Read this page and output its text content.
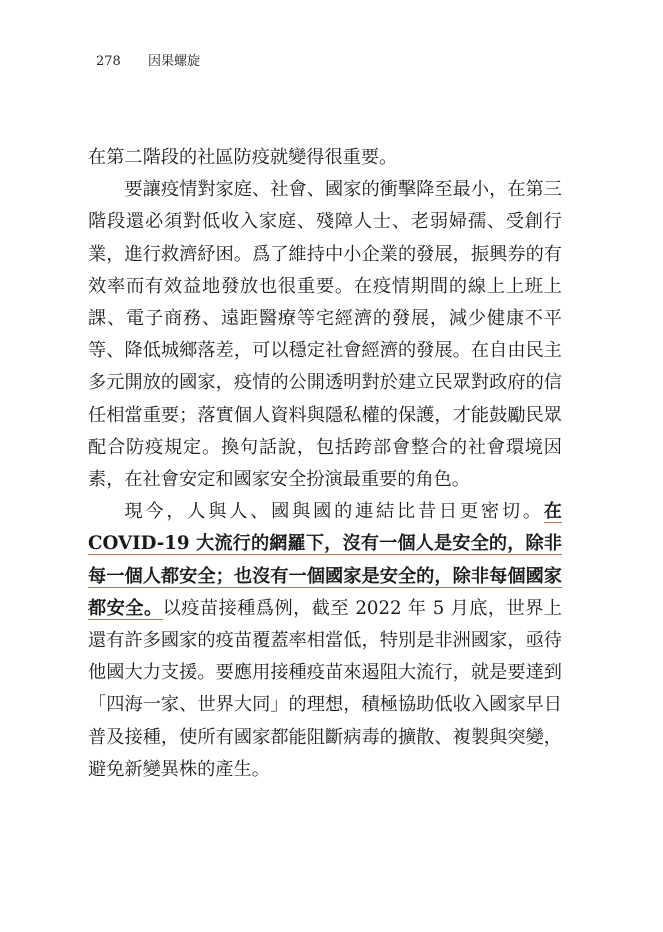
278 因果螺旋

在第二階段的社區防疫就變得很重要。

要讓疫情對家庭、社會、國家的衝擊降至最小，在第三階段還必須對低收入家庭、殘障人士、老弱婦孺、受創行業，進行救濟紓困。爲了維持中小企業的發展，振興券的有效率而有效益地發放也很重要。在疫情期間的線上上班上課、電子商務、遠距醫療等宅經濟的發展，減少健康不平等、降低城鄉落差，可以穩定社會經濟的發展。在自由民主多元開放的國家，疫情的公開透明對於建立民眾對政府的信任相當重要；落實個人資料與隱私權的保護，才能鼓勵民眾配合防疫規定。換句話說，包括跨部會整合的社會環境因素，在社會安定和國家安全扮演最重要的角色。

現今，人與人、國與國的連結比昔日更密切。在 COVID-19 大流行的網羅下，沒有一個人是安全的，除非每一個人都安全；也沒有一個國家是安全的，除非每個國家都安全。以疫苗接種爲例，截至 2022 年 5 月底，世界上還有許多國家的疫苗覆蓋率相當低，特別是非洲國家，亟待他國大力支援。要應用接種疫苗來遏阻大流行，就是要達到「四海一家、世界大同」的理想，積極協助低收入國家早日普及接種，使所有國家都能阻斷病毒的擴散、複製與突變，避免新變異株的產生。
